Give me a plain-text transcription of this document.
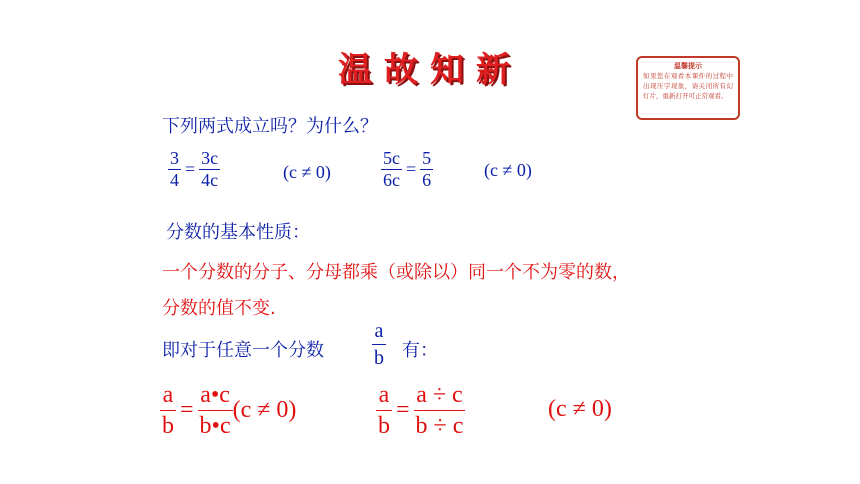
温故知新	温馨提示
如果您在观看本课件的过程中出现压字现象，请关闭所有幻灯片，重新打开可正常观看。
下列两式成立吗？为什么？
$\frac{3}{4} = \frac{3c}{4c}$	(c ≠ 0)	$\frac{5c}{6c} = \frac{5}{6}$	(c ≠ 0)
分数的基本性质：
一个分数的分子、分母都乘（或除以）同一个不为零的数，
分数的值不变.
即对于任意一个分数 $\frac{a}{b}$ 有：
$\frac{a}{b} = \frac{a•c}{b•c} (c \ne 0)$	$\frac{a}{b} = \frac{a \div c}{b \div c}$	(c ≠ 0)
